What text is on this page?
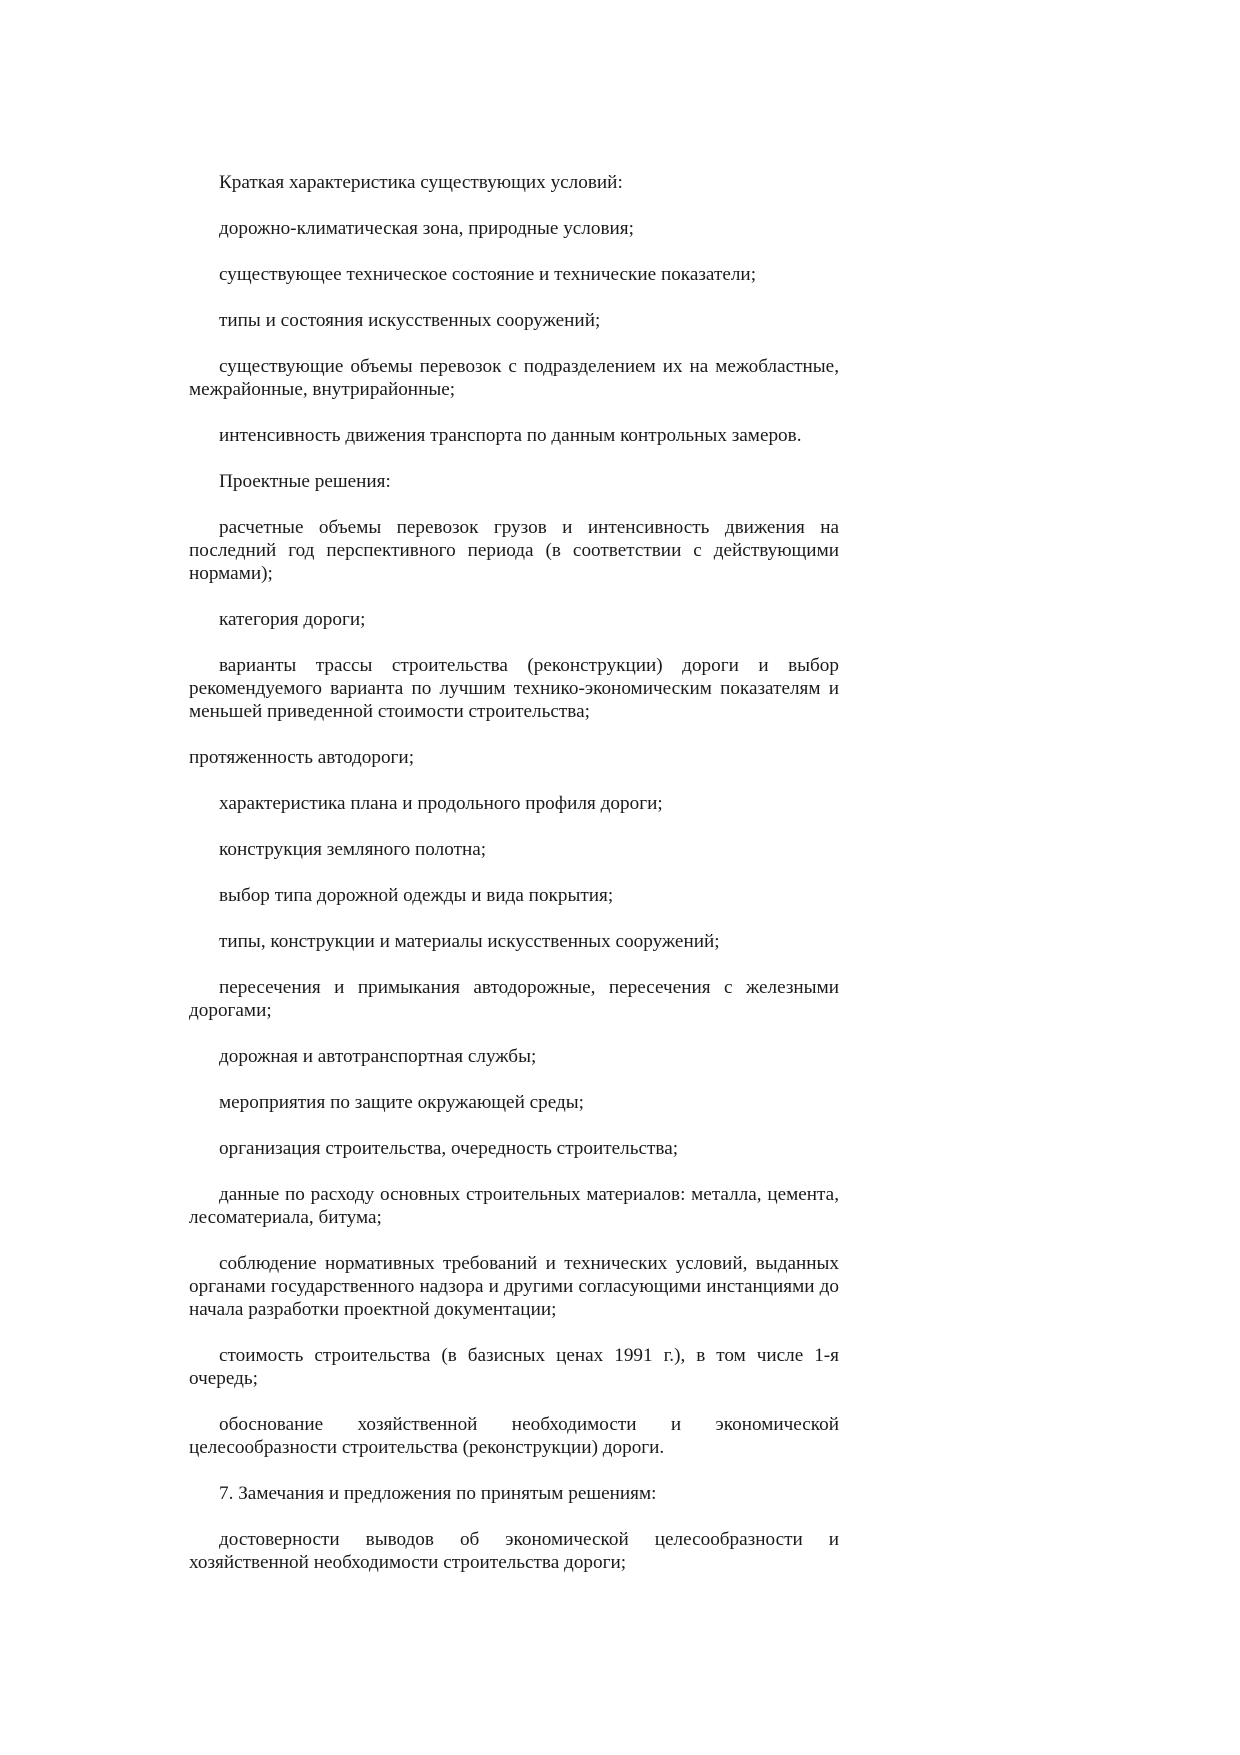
Краткая характеристика существующих условий:

дорожно-климатическая зона, природные условия;

существующее техническое состояние и технические показатели;

типы и состояния искусственных сооружений;

существующие объемы перевозок с подразделением их на межобластные, межрайонные, внутрирайонные;

интенсивность движения транспорта по данным контрольных замеров.

Проектные решения:

расчетные объемы перевозок грузов и интенсивность движения на последний год перспективного периода (в соответствии с действующими нормами);

категория дороги;

варианты трассы строительства (реконструкции) дороги и выбор рекомендуемого варианта по лучшим технико-экономическим показателям и меньшей приведенной стоимости строительства;

протяженность автодороги;

характеристика плана и продольного профиля дороги;

конструкция земляного полотна;

выбор типа дорожной одежды и вида покрытия;

типы, конструкции и материалы искусственных сооружений;

пересечения и примыкания автодорожные, пересечения с железными дорогами;

дорожная и автотранспортная службы;

мероприятия по защите окружающей среды;

организация строительства, очередность строительства;

данные по расходу основных строительных материалов: металла, цемента, лесоматериала, битума;

соблюдение нормативных требований и технических условий, выданных органами государственного надзора и другими согласующими инстанциями до начала разработки проектной документации;

стоимость строительства (в базисных ценах 1991 г.), в том числе 1-я очередь;

обоснование хозяйственной необходимости и экономической целесообразности строительства (реконструкции) дороги.

7. Замечания и предложения по принятым решениям:

достоверности выводов об экономической целесообразности и хозяйственной необходимости строительства дороги;
